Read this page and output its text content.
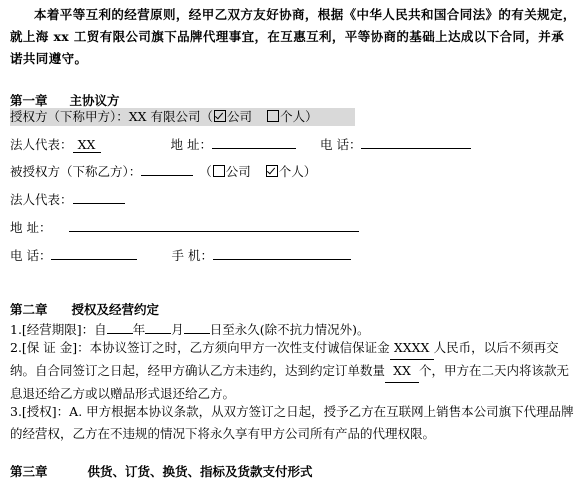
本着平等互利的经营原则，经甲乙双方友好协商，根据《中华人民共和国合同法》的有关规定，就上海 xx 工贸有限公司旗下品牌代理事宜，在互惠互利，平等协商的基础上达成以下合同，并承诺共同遵守。
第一章 主协议方
授权方（下称甲方）：XX 有限公司（ 公司 个人）
法人代表： XX	地 址：	电 话：
被授权方（下称乙方）：	（ 公司 个人）
法人代表：
地 址：
电 话：	手 机：
第二章 授权及经营约定
1.[经营期限]：自 年 月 日至永久(除不抗力情况外)。
2.[保 证 金]：本协议签订之时，乙方须向甲方一次性支付诚信保证金 XXXX 人民币，以后不须再交纳。自合同签订之日起，经甲方确认乙方未违约，达到约定订单数量 XX 个，甲方在二天内将该款无息退还给乙方或以赠品形式退还给乙方。
3.[授权]：A. 甲方根据本协议条款，从双方签订之日起，授予乙方在互联网上销售本公司旗下代理品牌的经营权，乙方在不违规的情况下将永久享有甲方公司所有产品的代理权限。
第三章	供货、订货、换货、指标及货款支付形式
